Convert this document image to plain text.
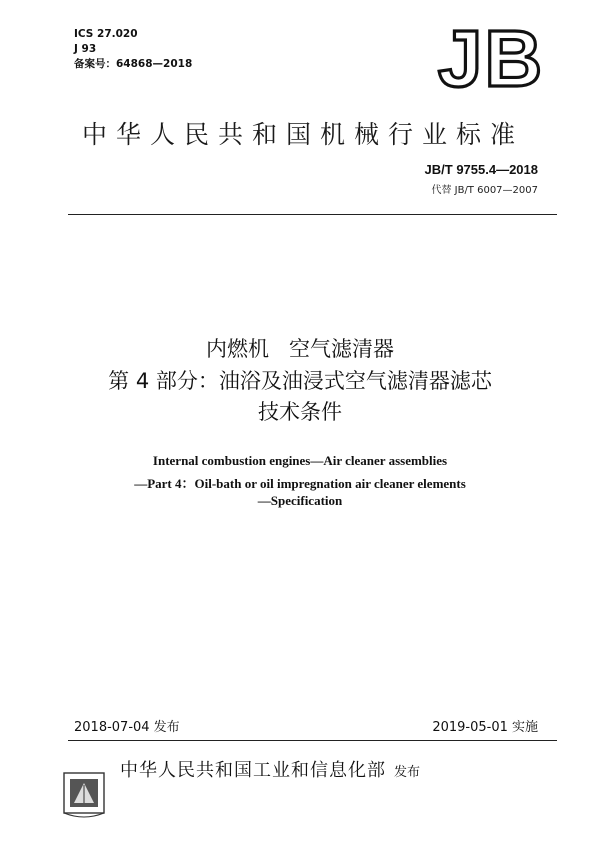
ICS 27.020
J 93
备案号：64868—2018	JB
中华人民共和国机械行业标准
JB/T 9755.4—2018
代替 JB/T 6007—2007
内燃机   空气滤清器
第 4 部分：油浴及油浸式空气滤清器滤芯
技术条件
Internal combustion engines—Air cleaner assemblies
—Part 4：Oil-bath or oil impregnation air cleaner elements
—Specification
2018-07-04 发布	2019-05-01 实施
中华人民共和国工业和信息化部 发布
